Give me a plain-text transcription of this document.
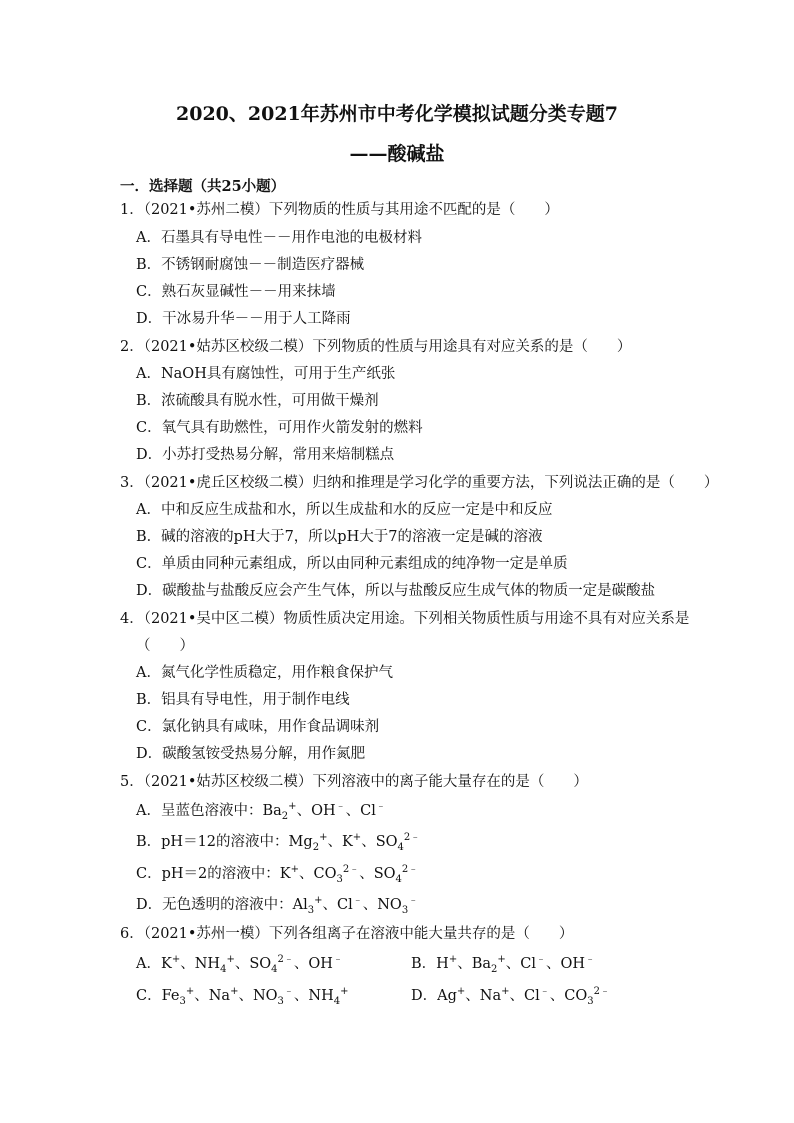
2020、2021年苏州市中考化学模拟试题分类专题7
——酸碱盐
一．选择题（共25小题）
1．（2021•苏州二模）下列物质的性质与其用途不匹配的是（　　）
A．石墨具有导电性－－用作电池的电极材料
B．不锈钢耐腐蚀－－制造医疗器械
C．熟石灰显碱性－－用来抹墙
D．干冰易升华－－用于人工降雨
2．（2021•姑苏区校级二模）下列物质的性质与用途具有对应关系的是（　　）
A．NaOH具有腐蚀性，可用于生产纸张
B．浓硫酸具有脱水性，可用做干燥剂
C．氧气具有助燃性，可用作火箭发射的燃料
D．小苏打受热易分解，常用来焙制糕点
3．（2021•虎丘区校级二模）归纳和推理是学习化学的重要方法，下列说法正确的是（　　）
A．中和反应生成盐和水，所以生成盐和水的反应一定是中和反应
B．碱的溶液的pH大于7，所以pH大于7的溶液一定是碱的溶液
C．单质由同种元素组成，所以由同种元素组成的纯净物一定是单质
D．碳酸盐与盐酸反应会产生气体，所以与盐酸反应生成气体的物质一定是碳酸盐
4．（2021•吴中区二模）物质性质决定用途。下列相关物质性质与用途不具有对应关系是
（　　）
A．氮气化学性质稳定，用作粮食保护气
B．铝具有导电性，用于制作电线
C．氯化钠具有咸味，用作食品调味剂
D．碳酸氢铵受热易分解，用作氮肥
5．（2021•姑苏区校级二模）下列溶液中的离子能大量存在的是（　　）
A．呈蓝色溶液中：$Ba_2^+$、OH﹣、Cl﹣
B．pH＝12的溶液中：$Mg_2^+$、K+、$SO_4^{2﹣}$
C．pH＝2的溶液中：K+、$CO_3^{2﹣}$、$SO_4^{2﹣}$
D．无色透明的溶液中：$Al_3^+$、Cl﹣、$NO_3^﹣$
6．（2021•苏州一模）下列各组离子在溶液中能大量共存的是（　　）
A．K+、$NH_4^+$、$SO_4^{2﹣}$、OH﹣	B．H+、$Ba_2^+$、Cl﹣、OH﹣
C．$Fe_3^+$、Na+、$NO_3^﹣$、$NH_4^+$	D．Ag+、Na+、Cl﹣、$CO_3^{2﹣}$
